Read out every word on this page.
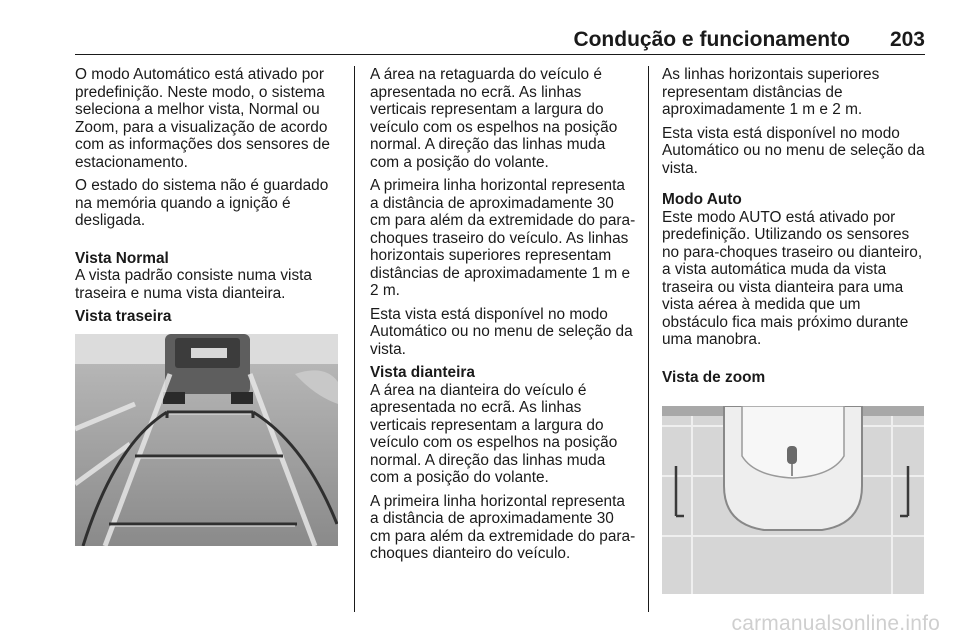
Condução e funcionamento 203

O modo Automático está ativado por predefinição. Neste modo, o sistema seleciona a melhor vista, Normal ou Zoom, para a visualização de acordo com as informações dos sensores de estacionamento.

O estado do sistema não é guardado na memória quando a ignição é desligada.

Vista Normal

A vista padrão consiste numa vista traseira e numa vista dianteira.

Vista traseira

A área na retaguarda do veículo é apresentada no ecrã. As linhas verticais representam a largura do veículo com os espelhos na posição normal. A direção das linhas muda com a posição do volante.

A primeira linha horizontal representa a distância de aproximadamente 30 cm para além da extremidade do para-choques traseiro do veículo. As linhas horizontais superiores representam distâncias de aproximadamente 1 m e 2 m.

Esta vista está disponível no modo Automático ou no menu de seleção da vista.

Vista dianteira

A área na dianteira do veículo é apresentada no ecrã. As linhas verticais representam a largura do veículo com os espelhos na posição normal. A direção das linhas muda com a posição do volante.

A primeira linha horizontal representa a distância de aproximadamente 30 cm para além da extremidade do para-choques dianteiro do veículo.

As linhas horizontais superiores representam distâncias de aproximadamente 1 m e 2 m.

Esta vista está disponível no modo Automático ou no menu de seleção da vista.

Modo Auto

Este modo AUTO está ativado por predefinição. Utilizando os sensores no para-choques traseiro ou dianteiro, a vista automática muda da vista traseira ou vista dianteira para uma vista aérea à medida que um obstáculo fica mais próximo durante uma manobra.

Vista de zoom
carmanualsonline.info
